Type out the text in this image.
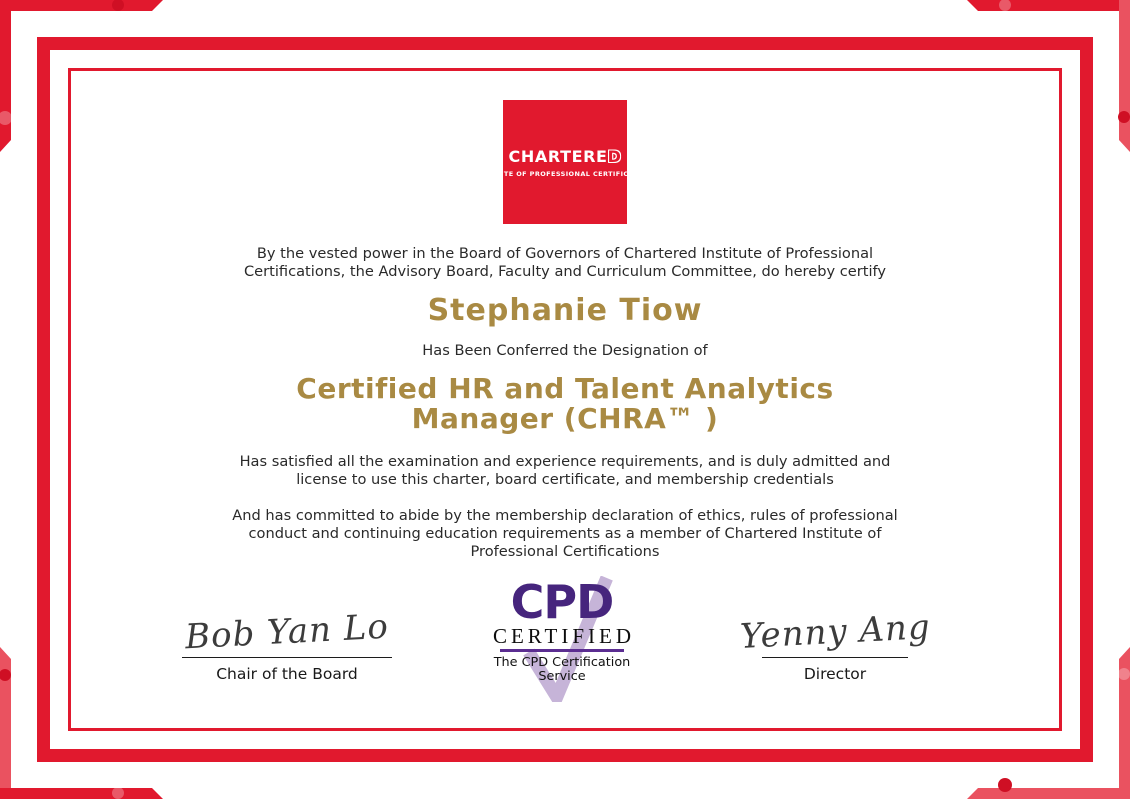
CHARTERED
INSTITUTE OF PROFESSIONAL CERTIFICATIONS
By the vested power in the Board of Governors of Chartered Institute of Professional
Certifications, the Advisory Board, Faculty and Curriculum Committee, do hereby certify
Stephanie Tiow
Has Been Conferred the Designation of
Certified HR and Talent Analytics
Manager (CHRA™ )
Has satisfied all the examination and experience requirements, and is duly admitted and
license to use this charter, board certificate, and membership credentials
And has committed to abide by the membership declaration of ethics, rules of professional
conduct and continuing education requirements as a member of Chartered Institute of
Professional Certifications
Bob Yan Lo
Chair of the Board
CPD
CERTIFIED
The CPD Certification
Service
Yenny Ang
Director
